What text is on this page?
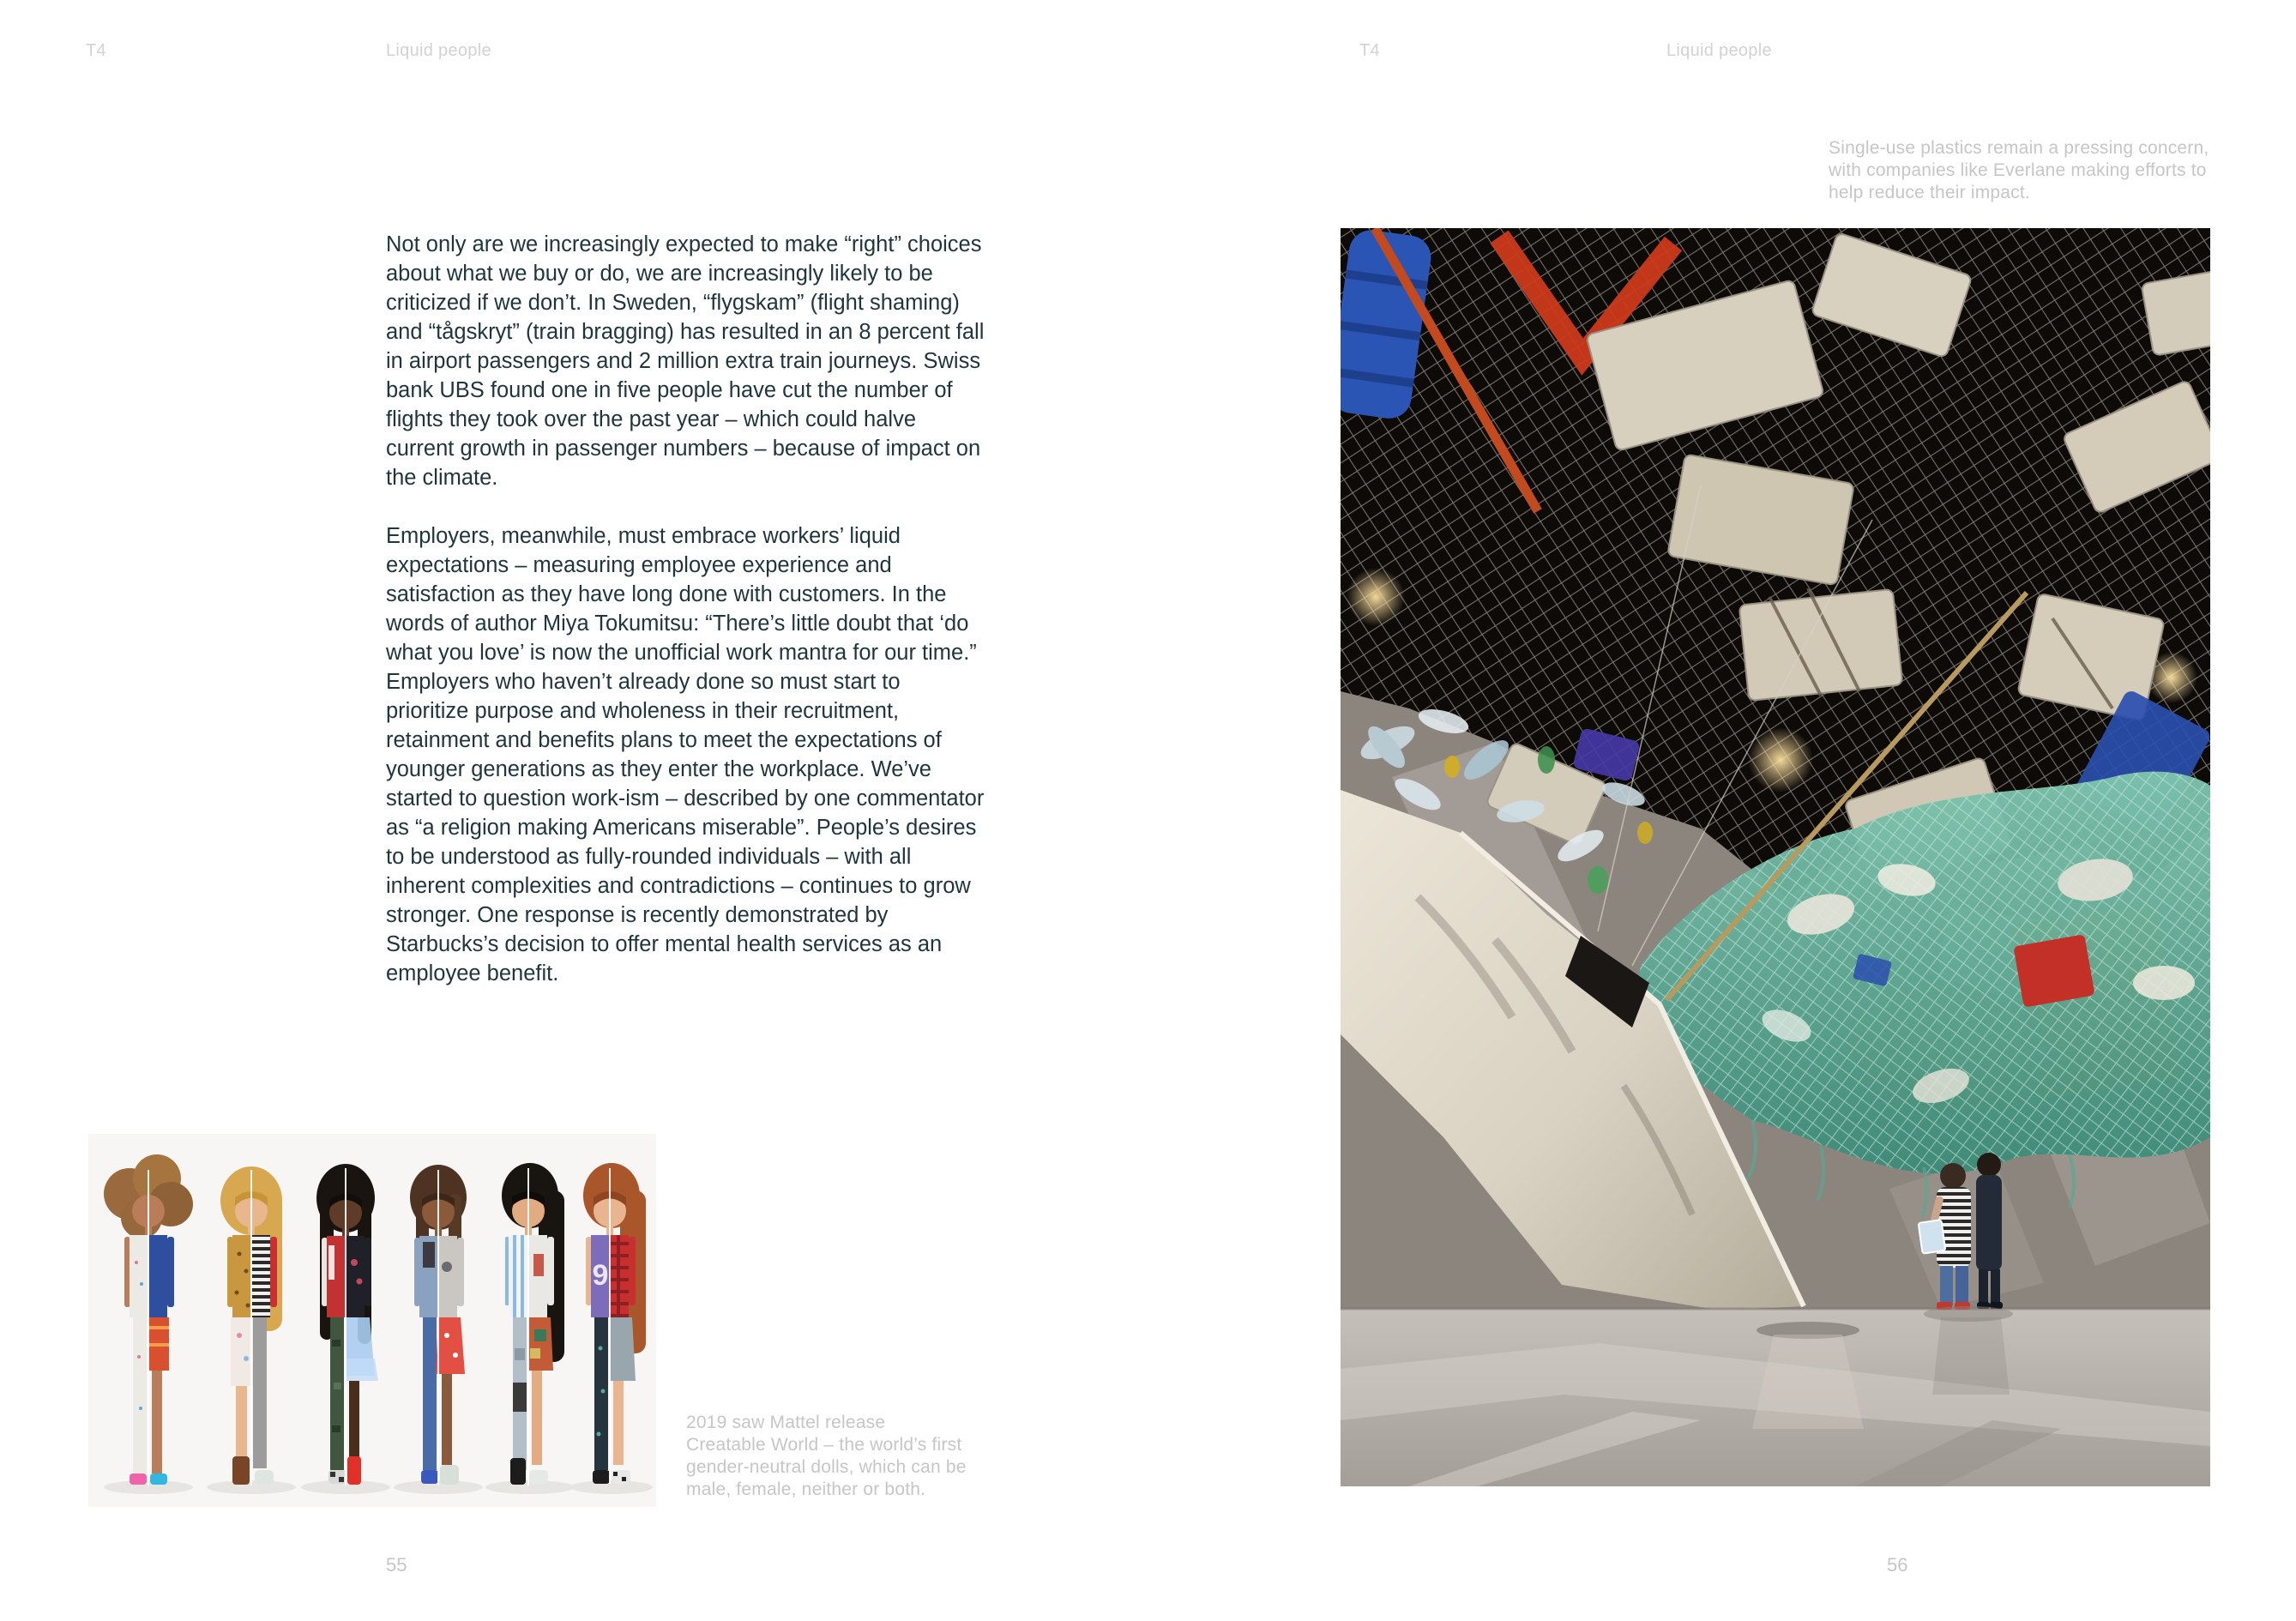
T4	Liquid people	T4	Liquid people
Single-use plastics remain a pressing concern, with companies like Everlane making efforts to help reduce their impact.

Not only are we increasingly expected to make “right” choices about what we buy or do, we are increasingly likely to be criticized if we don’t. In Sweden, “flygskam” (flight shaming) and “tågskryt” (train bragging) has resulted in an 8 percent fall in airport passengers and 2 million extra train journeys. Swiss bank UBS found one in five people have cut the number of flights they took over the past year – which could halve current growth in passenger numbers – because of impact on the climate.

Employers, meanwhile, must embrace workers’ liquid expectations – measuring employee experience and satisfaction as they have long done with customers. In the words of author Miya Tokumitsu: “There’s little doubt that ‘do what you love’ is now the unofficial work mantra for our time.” Employers who haven’t already done so must start to prioritize purpose and wholeness in their recruitment, retainment and benefits plans to meet the expectations of younger generations as they enter the workplace. We’ve started to question work-ism – described by one commentator as “a religion making Americans miserable”. People’s desires to be understood as fully-rounded individuals – with all inherent complexities and contradictions – continues to grow stronger. One response is recently demonstrated by Starbucks’s decision to offer mental health services as an employee benefit.

9
2019 saw Mattel release Creatable World – the world’s first gender-neutral dolls, which can be male, female, neither or both.
55	56
